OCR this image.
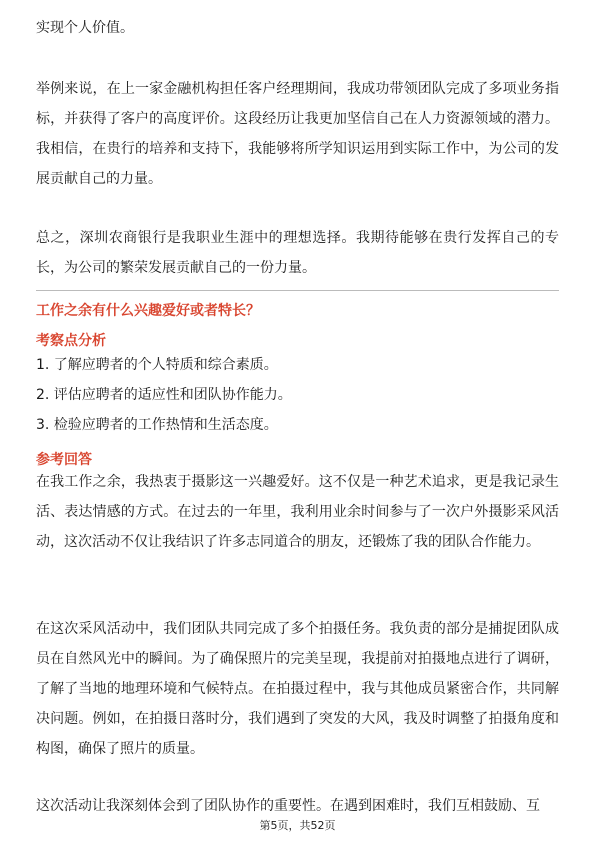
实现个人价值。

举例来说，在上一家金融机构担任客户经理期间，我成功带领团队完成了多项业务指标，并获得了客户的高度评价。这段经历让我更加坚信自己在人力资源领域的潜力。我相信，在贵行的培养和支持下，我能够将所学知识运用到实际工作中，为公司的发展贡献自己的力量。

总之，深圳农商银行是我职业生涯中的理想选择。我期待能够在贵行发挥自己的专长，为公司的繁荣发展贡献自己的一份力量。

工作之余有什么兴趣爱好或者特长？
考察点分析
1. 了解应聘者的个人特质和综合素质。
2. 评估应聘者的适应性和团队协作能力。
3. 检验应聘者的工作热情和生活态度。
参考回答

在我工作之余，我热衷于摄影这一兴趣爱好。这不仅是一种艺术追求，更是我记录生活、表达情感的方式。在过去的一年里，我利用业余时间参与了一次户外摄影采风活动，这次活动不仅让我结识了许多志同道合的朋友，还锻炼了我的团队合作能力。

在这次采风活动中，我们团队共同完成了多个拍摄任务。我负责的部分是捕捉团队成员在自然风光中的瞬间。为了确保照片的完美呈现，我提前对拍摄地点进行了调研，了解了当地的地理环境和气候特点。在拍摄过程中，我与其他成员紧密合作，共同解决问题。例如，在拍摄日落时分，我们遇到了突发的大风，我及时调整了拍摄角度和构图，确保了照片的质量。

这次活动让我深刻体会到了团队协作的重要性。在遇到困难时，我们互相鼓励、互

第5页，共52页
